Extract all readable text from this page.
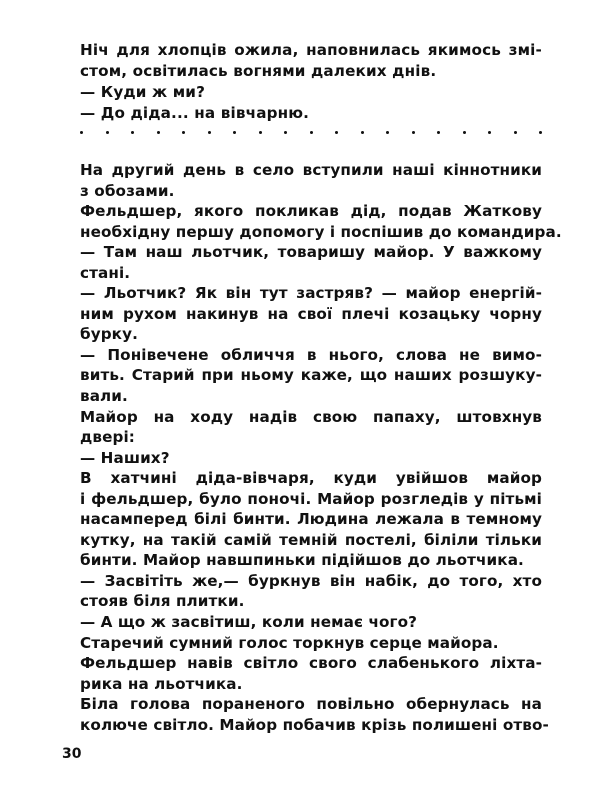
Ніч для хлопців ожила, наповнилась якимось змі-
стом, освітилась вогнями далеких днів.
— Куди ж ми?
— До діда... на вівчарню.
На другий день в село вступили наші кіннотники
з обозами.
Фельдшер, якого покликав дід, подав Жаткову
необхідну першу допомогу і поспішив до командира.
— Там наш льотчик, товаришу майор. У важкому
стані.
— Льотчик? Як він тут застряв? — майор енергій-
ним рухом накинув на свої плечі козацьку чорну
бурку.
— Понівечене обличчя в нього, слова не вимо-
вить. Старий при ньому каже, що наших розшуку-
вали.
Майор на ходу надів свою папаху, штовхнув
двері:
— Наших?
В хатчині діда-вівчаря, куди увійшов майор
і фельдшер, було поночі. Майор розгледів у пітьмі
насамперед білі бинти. Людина лежала в темному
кутку, на такій самій темній постелі, біліли тільки
бинти. Майор навшпиньки підійшов до льотчика.
— Засвітіть же,— буркнув він набік, до того, хто
стояв біля плитки.
— А що ж засвітиш, коли немає чого?
Старечий сумний голос торкнув серце майора.
Фельдшер навів світло свого слабенького ліхта-
рика на льотчика.
Біла голова пораненого повільно обернулась на
колюче світло. Майор побачив крізь полишені отво-
30
